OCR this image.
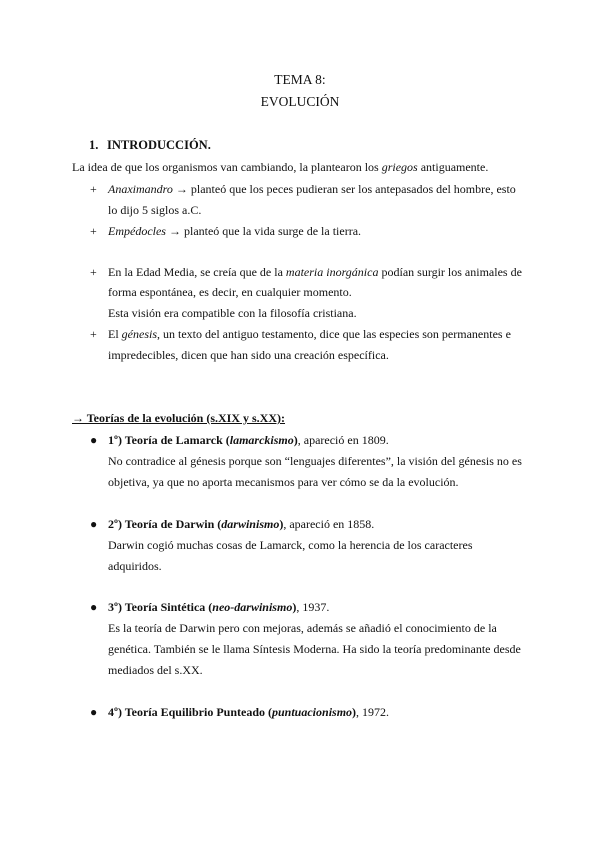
TEMA 8:
EVOLUCIÓN
1. INTRODUCCIÓN.
La idea de que los organismos van cambiando, la plantearon los griegos antiguamente.
+ Anaximandro → planteó que los peces pudieran ser los antepasados del hombre, esto
lo dijo 5 siglos a.C.
+ Empédocles → planteó que la vida surge de la tierra.
+ En la Edad Media, se creía que de la materia inorgánica podían surgir los animales de
forma espontánea, es decir, en cualquier momento.
Esta visión era compatible con la filosofía cristiana.
+ El génesis, un texto del antiguo testamento, dice que las especies son permanentes e
impredecibles, dicen que han sido una creación específica.
→ Teorías de la evolución (s.XIX y s.XX):
● 1º) Teoría de Lamarck (lamarckismo), apareció en 1809.
No contradice al génesis porque son “lenguajes diferentes”, la visión del génesis no es
objetiva, ya que no aporta mecanismos para ver cómo se da la evolución.
● 2º) Teoría de Darwin (darwinismo), apareció en 1858.
Darwin cogió muchas cosas de Lamarck, como la herencia de los caracteres
adquiridos.
● 3º) Teoría Sintética (neo-darwinismo), 1937.
Es la teoría de Darwin pero con mejoras, además se añadió el conocimiento de la
genética. También se le llama Síntesis Moderna. Ha sido la teoría predominante desde
mediados del s.XX.
● 4º) Teoría Equilibrio Punteado (puntuacionismo), 1972.
